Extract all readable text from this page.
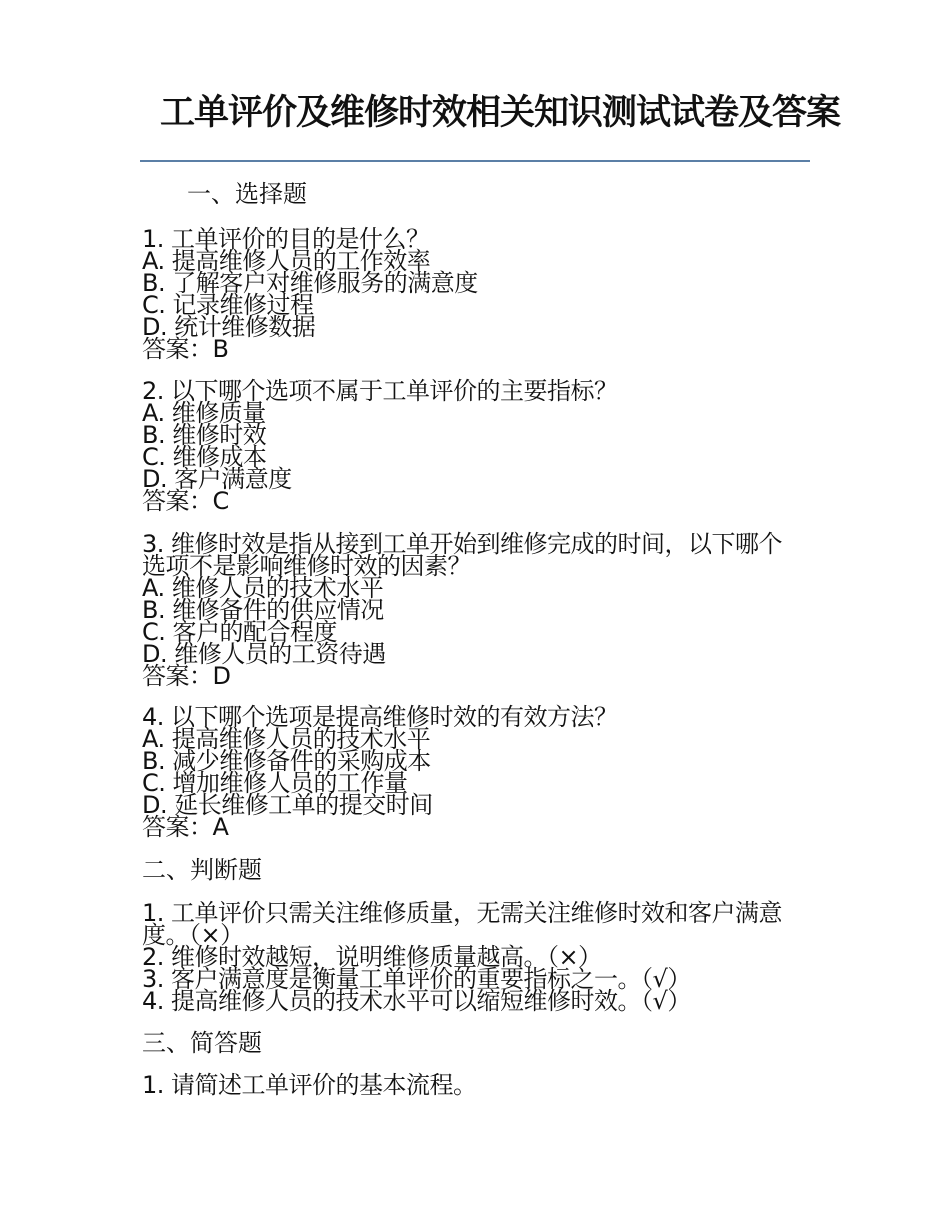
工单评价及维修时效相关知识测试试卷及答案
一、选择题
1. 工单评价的目的是什么？
A. 提高维修人员的工作效率
B. 了解客户对维修服务的满意度
C. 记录维修过程
D. 统计维修数据
答案：B
2. 以下哪个选项不属于工单评价的主要指标？
A. 维修质量
B. 维修时效
C. 维修成本
D. 客户满意度
答案：C
3. 维修时效是指从接到工单开始到维修完成的时间，以下哪个选项不是影响维修时效的因素？
A. 维修人员的技术水平
B. 维修备件的供应情况
C. 客户的配合程度
D. 维修人员的工资待遇
答案：D
4. 以下哪个选项是提高维修时效的有效方法？
A. 提高维修人员的技术水平
B. 减少维修备件的采购成本
C. 增加维修人员的工作量
D. 延长维修工单的提交时间
答案：A
二、判断题
1. 工单评价只需关注维修质量，无需关注维修时效和客户满意度。（×）
2. 维修时效越短，说明维修质量越高。（×）
3. 客户满意度是衡量工单评价的重要指标之一。（√）
4. 提高维修人员的技术水平可以缩短维修时效。（√）
三、简答题
1. 请简述工单评价的基本流程。
